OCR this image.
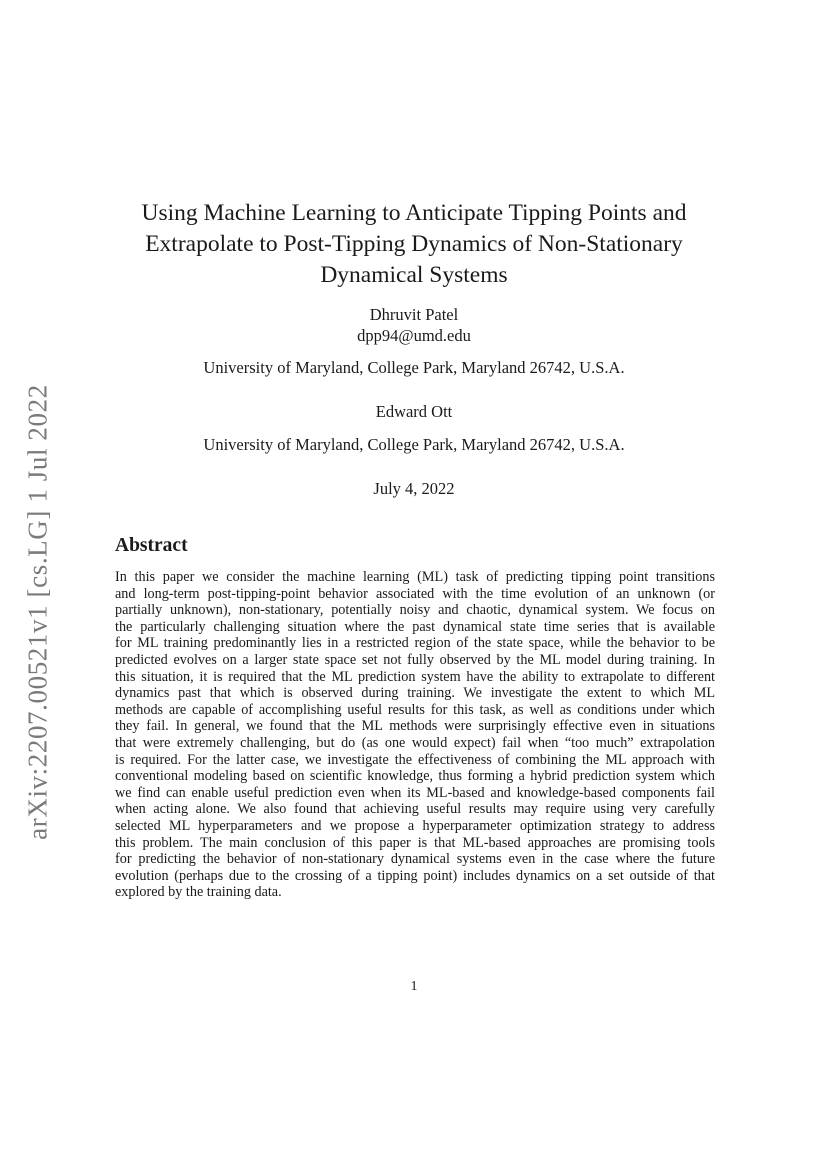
arXiv:2207.00521v1 [cs.LG] 1 Jul 2022
Using Machine Learning to Anticipate Tipping Points and
Extrapolate to Post-Tipping Dynamics of Non-Stationary
Dynamical Systems

Dhruvit Patel

dpp94@umd.edu

University of Maryland, College Park, Maryland 26742, U.S.A.

Edward Ott

University of Maryland, College Park, Maryland 26742, U.S.A.

July 4, 2022

Abstract

In this paper we consider the machine learning (ML) task of predicting tipping point transitions
and long-term post-tipping-point behavior associated with the time evolution of an unknown (or
partially unknown), non-stationary, potentially noisy and chaotic, dynamical system. We focus on
the particularly challenging situation where the past dynamical state time series that is available
for ML training predominantly lies in a restricted region of the state space, while the behavior to be
predicted evolves on a larger state space set not fully observed by the ML model during training. In
this situation, it is required that the ML prediction system have the ability to extrapolate to different
dynamics past that which is observed during training. We investigate the extent to which ML
methods are capable of accomplishing useful results for this task, as well as conditions under which
they fail. In general, we found that the ML methods were surprisingly effective even in situations
that were extremely challenging, but do (as one would expect) fail when “too much” extrapolation
is required. For the latter case, we investigate the effectiveness of combining the ML approach with
conventional modeling based on scientific knowledge, thus forming a hybrid prediction system which
we find can enable useful prediction even when its ML-based and knowledge-based components fail
when acting alone. We also found that achieving useful results may require using very carefully
selected ML hyperparameters and we propose a hyperparameter optimization strategy to address
this problem. The main conclusion of this paper is that ML-based approaches are promising tools
for predicting the behavior of non-stationary dynamical systems even in the case where the future
evolution (perhaps due to the crossing of a tipping point) includes dynamics on a set outside of that
explored by the training data.

1
